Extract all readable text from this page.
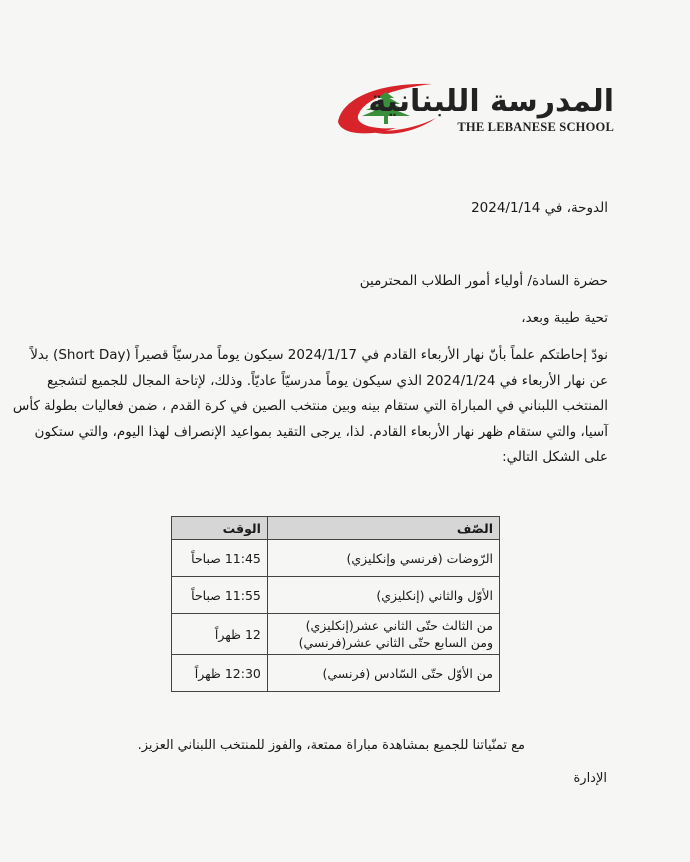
المدرسة اللبنانية
THE LEBANESE SCHOOL
الدوحة، في 2024/1/14
حضرة السادة/ أولياء أمور الطلاب المحترمين
تحية طيبة وبعد،
نودّ إحاطتكم علماً بأنّ نهار الأربعاء القادم في 2024/1/17 سيكون يوماً مدرسيّاً قصيراً (Short Day) بدلاً
عن نهار الأربعاء في 2024/1/24 الذي سيكون يوماً مدرسيّاً عاديّاً. وذلك، لإتاحة المجال للجميع لتشجيع
المنتخب اللبناني في المباراة التي ستقام بينه وبين منتخب الصين في كرة القدم ، ضمن فعاليات بطولة كأس
آسيا، والتي ستقام ظهر نهار الأربعاء القادم. لذا، يرجى التقيد بمواعيد الإنصراف لهذا اليوم، والتي ستكون
على الشكل التالي:
الصّف	الوقت
الرّوضات (فرنسي وإنكليزي)	11:45 صباحاً
الأوّل والثاني (إنكليزي)	11:55 صباحاً

من الثالث حتّى الثاني عشر(إنكليزي)
ومن السابع حتّى الثاني عشر(فرنسي)	12 ظهراً
من الأوّل حتّى السّادس (فرنسي)	12:30 ظهراً
مع تمنّياتنا للجميع بمشاهدة مباراة ممتعة، والفوز للمنتخب اللبناني العزيز.
الإدارة
